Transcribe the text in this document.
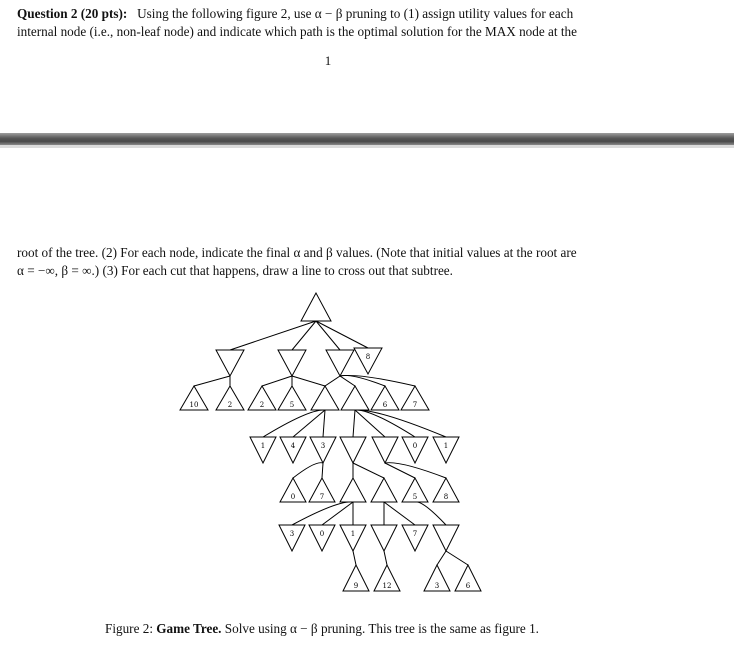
Question 2 (20 pts): Using the following figure 2, use α − β pruning to (1) assign utility values for each
internal node (i.e., non-leaf node) and indicate which path is the optimal solution for the MAX node at the
1
root of the tree. (2) For each node, indicate the final α and β values. (Note that initial values at the root are
α = −∞, β = ∞.) (3) For each cut that happens, draw a line to cross out that subtree.
8
10	2	2	5	6	7
1	4	3	0	1
0	7	5	8
3	0	1	7
9	12	3	6
Figure 2: Game Tree. Solve using α − β pruning. This tree is the same as figure 1.
